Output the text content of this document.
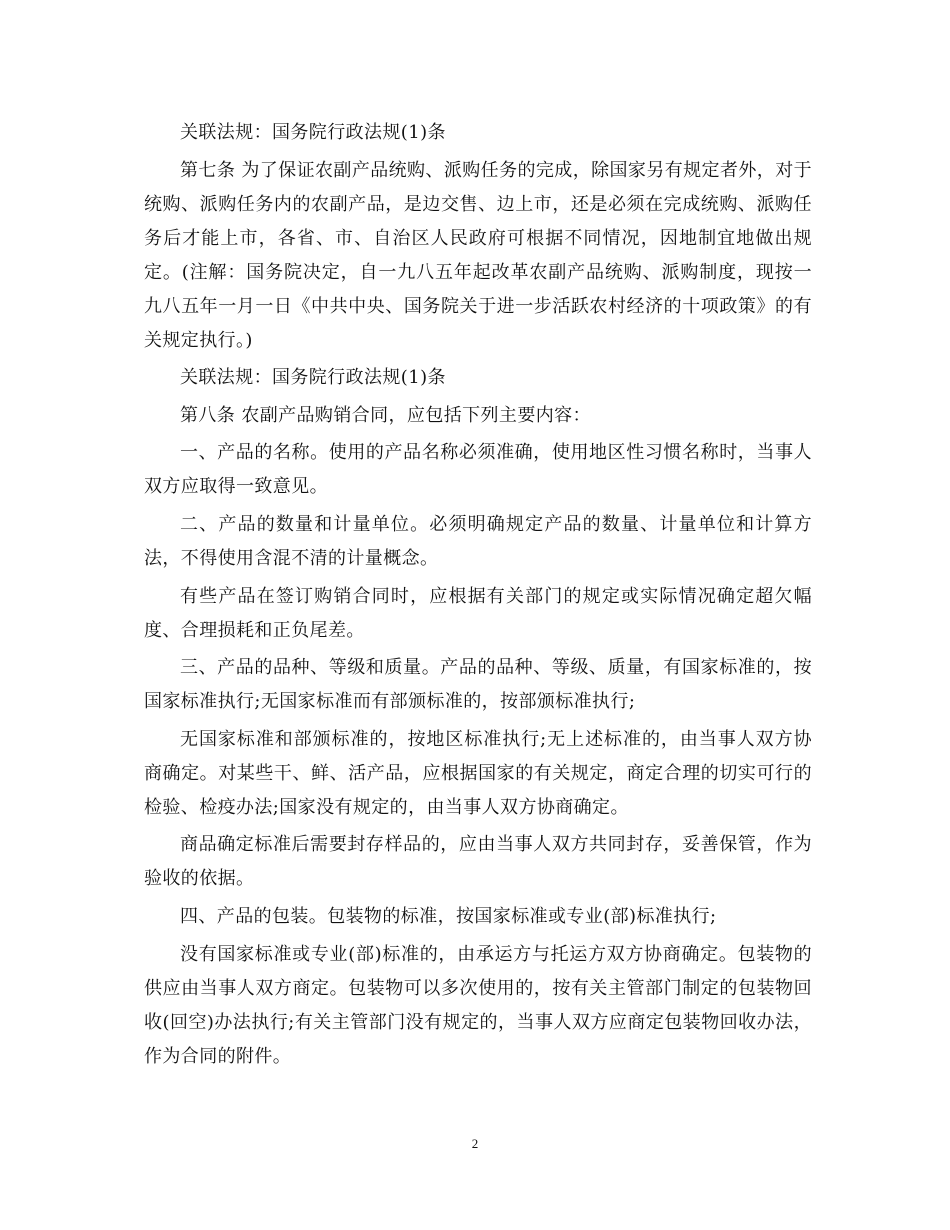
关联法规：国务院行政法规(1)条

第七条 为了保证农副产品统购、派购任务的完成，除国家另有规定者外，对于统购、派购任务内的农副产品，是边交售、边上市，还是必须在完成统购、派购任务后才能上市，各省、市、自治区人民政府可根据不同情况，因地制宜地做出规定。(注解：国务院决定，自一九八五年起改革农副产品统购、派购制度，现按一九八五年一月一日《中共中央、国务院关于进一步活跃农村经济的十项政策》的有关规定执行。)

关联法规：国务院行政法规(1)条

第八条 农副产品购销合同，应包括下列主要内容：

一、产品的名称。使用的产品名称必须准确，使用地区性习惯名称时，当事人双方应取得一致意见。

二、产品的数量和计量单位。必须明确规定产品的数量、计量单位和计算方法，不得使用含混不清的计量概念。

有些产品在签订购销合同时，应根据有关部门的规定或实际情况确定超欠幅度、合理损耗和正负尾差。

三、产品的品种、等级和质量。产品的品种、等级、质量，有国家标准的，按国家标准执行;无国家标准而有部颁标准的，按部颁标准执行;

无国家标准和部颁标准的，按地区标准执行;无上述标准的，由当事人双方协商确定。对某些干、鲜、活产品，应根据国家的有关规定，商定合理的切实可行的检验、检疫办法;国家没有规定的，由当事人双方协商确定。

商品确定标准后需要封存样品的，应由当事人双方共同封存，妥善保管，作为验收的依据。

四、产品的包装。包装物的标准，按国家标准或专业(部)标准执行;

没有国家标准或专业(部)标准的，由承运方与托运方双方协商确定。包装物的供应由当事人双方商定。包装物可以多次使用的，按有关主管部门制定的包装物回收(回空)办法执行;有关主管部门没有规定的，当事人双方应商定包装物回收办法，作为合同的附件。

2
